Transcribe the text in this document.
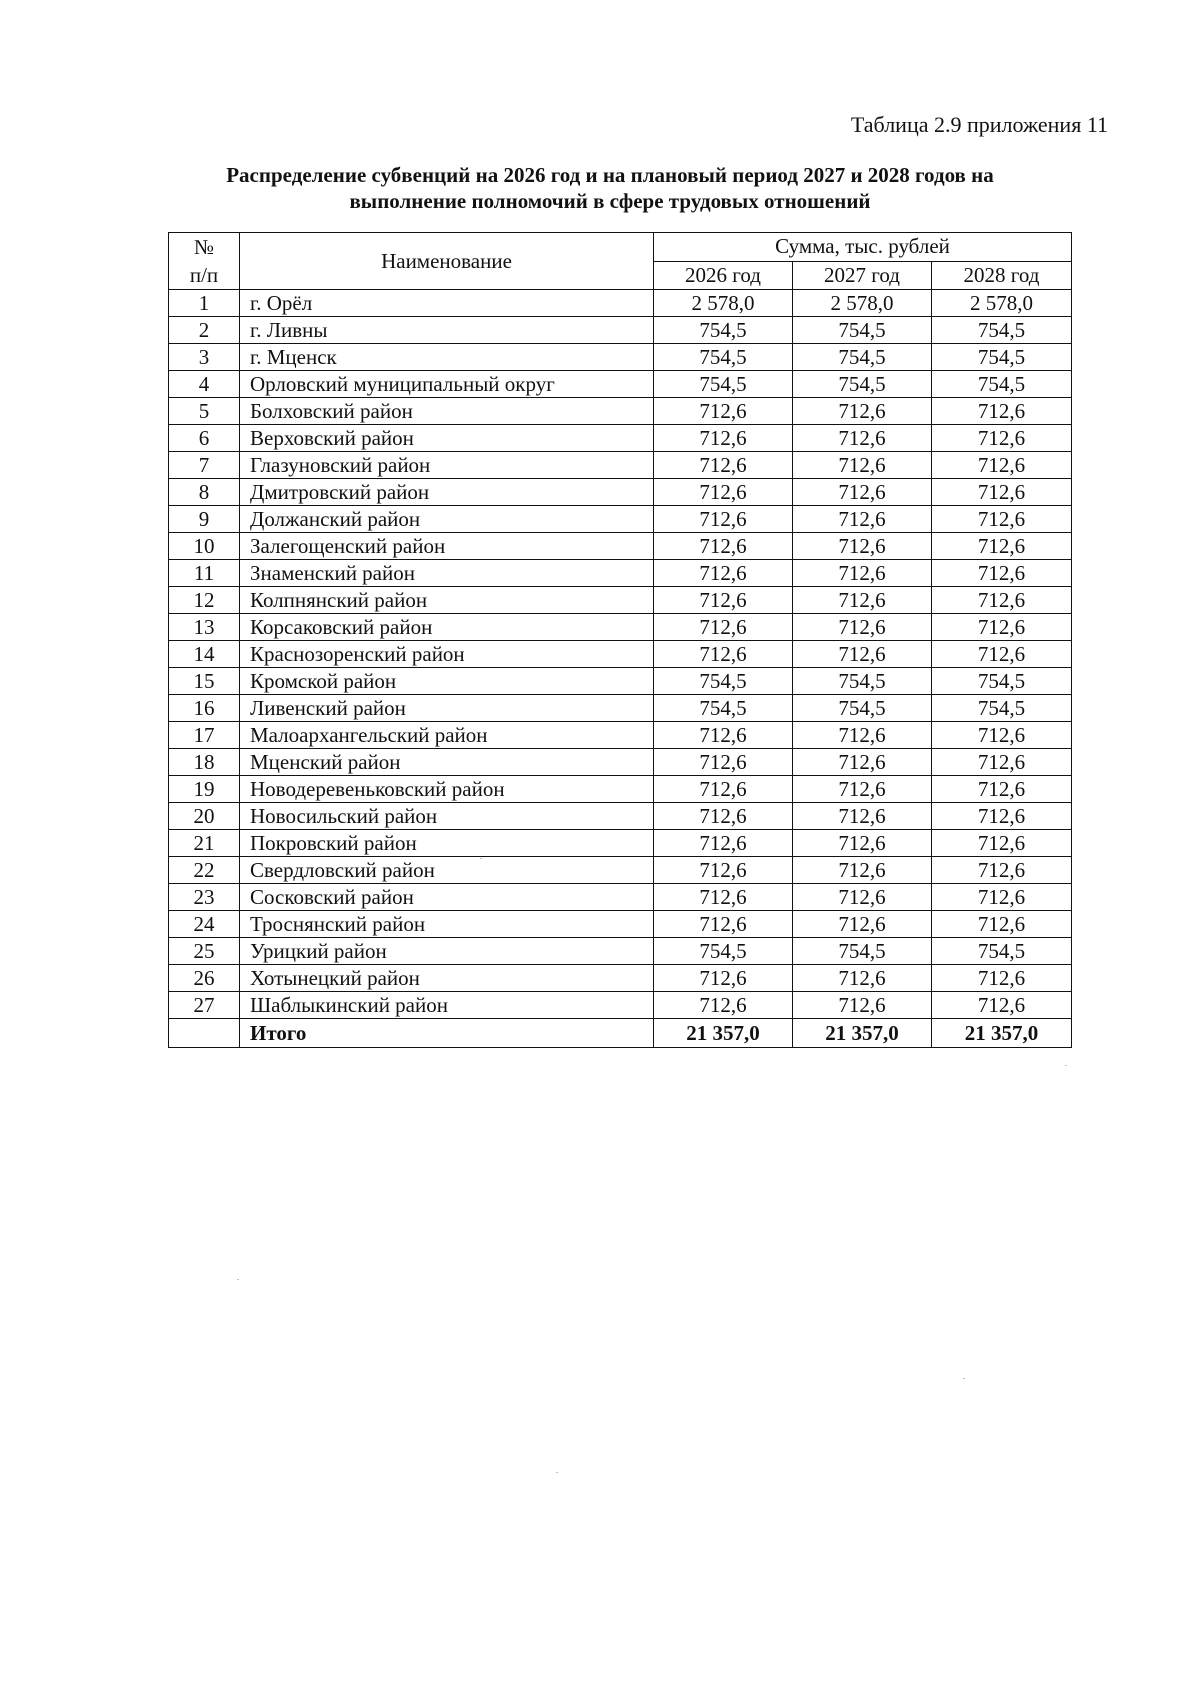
Таблица 2.9 приложения 11
Распределение субвенций на 2026 год и на плановый период 2027 и 2028 годов на
выполнение полномочий в сфере трудовых отношений
№
п/п	Наименование	Сумма, тыс. рублей		
		2026 год	2027 год	2028 год
1	г. Орёл	2 578,0	2 578,0	2 578,0
2	г. Ливны	754,5	754,5	754,5
3	г. Мценск	754,5	754,5	754,5
4	Орловский муниципальный округ	754,5	754,5	754,5
5	Болховский район	712,6	712,6	712,6
6	Верховский район	712,6	712,6	712,6
7	Глазуновский район	712,6	712,6	712,6
8	Дмитровский район	712,6	712,6	712,6
9	Должанский район	712,6	712,6	712,6
10	Залегощенский район	712,6	712,6	712,6
11	Знаменский район	712,6	712,6	712,6
12	Колпнянский район	712,6	712,6	712,6
13	Корсаковский район	712,6	712,6	712,6
14	Краснозоренский район	712,6	712,6	712,6
15	Кромской район	754,5	754,5	754,5
16	Ливенский район	754,5	754,5	754,5
17	Малоархангельский район	712,6	712,6	712,6
18	Мценский район	712,6	712,6	712,6
19	Новодеревеньковский район	712,6	712,6	712,6
20	Новосильский район	712,6	712,6	712,6
21	Покровский район	712,6	712,6	712,6
22	Свердловский район	712,6	712,6	712,6
23	Сосковский район	712,6	712,6	712,6
24	Троснянский район	712,6	712,6	712,6
25	Урицкий район	754,5	754,5	754,5
26	Хотынецкий район	712,6	712,6	712,6
27	Шаблыкинский район	712,6	712,6	712,6
	Итого	21 357,0	21 357,0	21 357,0
